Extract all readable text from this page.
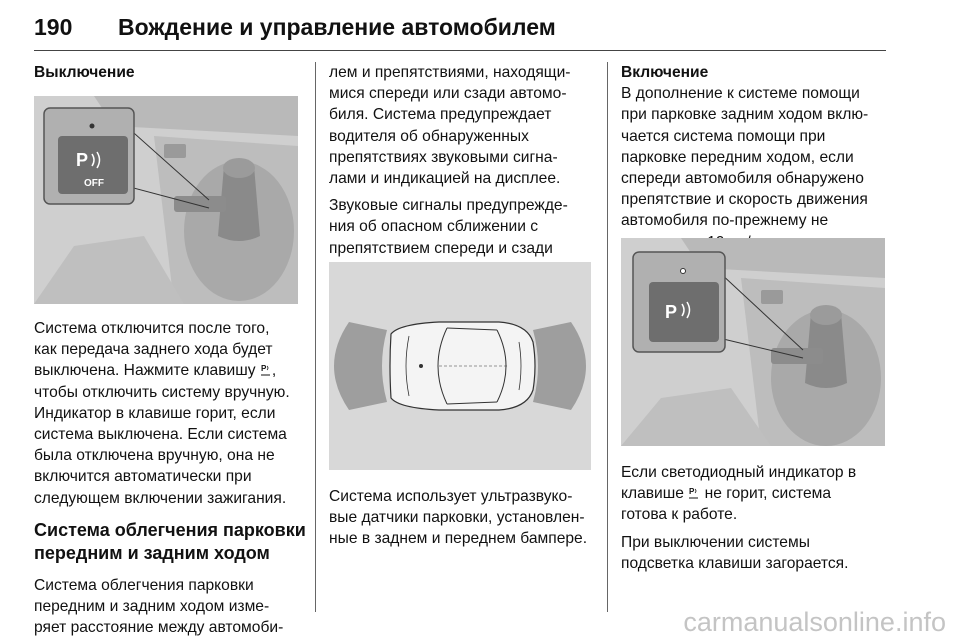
190 Вождение и управление автомобилем
Выключение
P
OFF
Система отключится после того,
как передача заднего хода будет
выключена. Нажмите клавишу P ,
чтобы отключить систему вручную.
Индикатор в клавише горит, если
система выключена. Если система
была отключена вручную, она не
включится автоматически при
следующем включении зажигания.
Система облегчения парковки
передним и задним ходом
Система облегчения парковки
передним и задним ходом изме-
ряет расстояние между автомоби-

лем и препятствиями, находящи-
мися спереди или сзади автомо-
биля. Система предупреждает
водителя об обнаруженных
препятствиях звуковыми сигна-
лами и индикацией на дисплее.

Звуковые сигналы предупрежде-
ния об опасном сближении с
препятствием спереди и сзади

Система использует ультразвуко-
вые датчики парковки, установлен-
ные в заднем и переднем бампере.

Включение

В дополнение к системе помощи
при парковке задним ходом вклю-
чается система помощи при
парковке передним ходом, если
спереди автомобиля обнаружено
препятствие и скорость движения
автомобиля по-прежнему не

P

Если светодиодный индикатор в
клавише P не горит, система
готова к работе.

При выключении системы
подсветка клавиши загорается.

carmanualsonline.info
